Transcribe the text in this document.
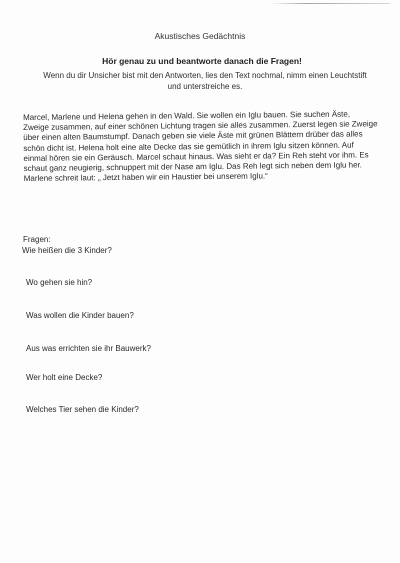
Akustisches Gedächtnis
Hör genau zu und beantworte danach die Fragen!
Wenn du dir Unsicher bist mit den Antworten, lies den Text nochmal, nimm einen Leuchtstift und unterstreiche es.
Marcel, Marlene und Helena gehen in den Wald. Sie wollen ein Iglu bauen. Sie suchen Äste, Zweige zusammen, auf einer schönen Lichtung tragen sie alles zusammen. Zuerst legen sie Zweige über einen alten Baumstumpf. Danach geben sie viele Äste mit grünen Blättern drüber das alles schön dicht ist. Helena holt eine alte Decke das sie gemütlich in ihrem Iglu sitzen können. Auf einmal hören sie ein Geräusch. Marcel schaut hinaus. Was sieht er da? Ein Reh steht vor ihm. Es schaut ganz neugierig, schnuppert mit der Nase am Iglu. Das Reh legt sich neben dem Iglu her. Marlene schreit laut: „ Jetzt haben wir ein Haustier bei unserem Iglu.“
Fragen:
Wie heißen die 3 Kinder?
Wo gehen sie hin?
Was wollen die Kinder bauen?
Aus was errichten sie ihr Bauwerk?
Wer holt eine Decke?
Welches Tier sehen die Kinder?
